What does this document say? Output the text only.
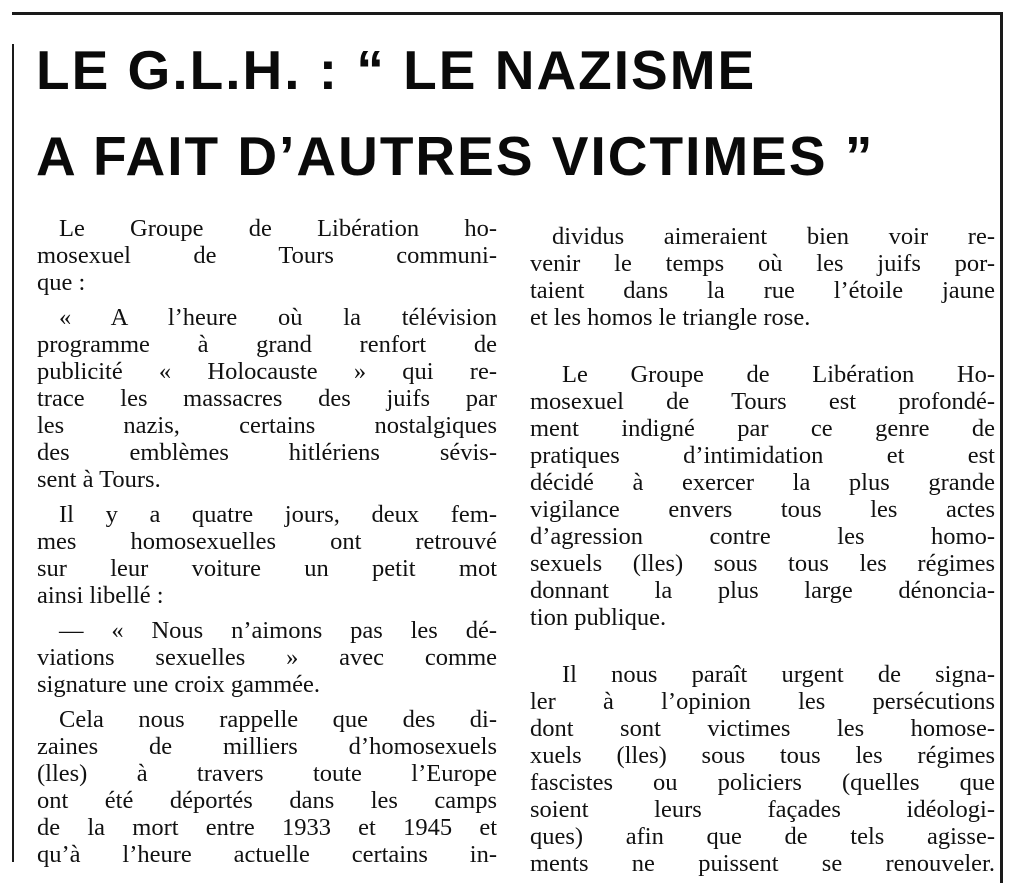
LE G.L.H. : “ LE NAZISME
A FAIT D’AUTRES VICTIMES ”
Le Groupe de Libération ho-
mosexuel de Tours communi-
que :
« A l’heure où la télévision
programme à grand renfort de
publicité « Holocauste » qui re-
trace les massacres des juifs par
les nazis, certains nostalgiques
des emblèmes hitlériens sévis-
sent à Tours.
Il y a quatre jours, deux fem-
mes homosexuelles ont retrouvé
sur leur voiture un petit mot
ainsi libellé :
— « Nous n’aimons pas les dé-
viations sexuelles » avec comme
signature une croix gammée.
Cela nous rappelle que des di-
zaines de milliers d’homosexuels
(lles) à travers toute l’Europe
ont été déportés dans les camps
de la mort entre 1933 et 1945 et
qu’à l’heure actuelle certains in-
dividus aimeraient bien voir re-
venir le temps où les juifs por-
taient dans la rue l’étoile jaune
et les homos le triangle rose.
Le Groupe de Libération Ho-
mosexuel de Tours est profondé-
ment indigné par ce genre de
pratiques d’intimidation et est
décidé à exercer la plus grande
vigilance envers tous les actes
d’agression contre les homo-
sexuels (lles) sous tous les régimes
donnant la plus large dénoncia-
tion publique.
Il nous paraît urgent de signa-
ler à l’opinion les persécutions
dont sont victimes les homose-
xuels (lles) sous tous les régimes
fascistes ou policiers (quelles que
soient leurs façades idéologi-
ques) afin que de tels agisse-
ments ne puissent se renouveler.
